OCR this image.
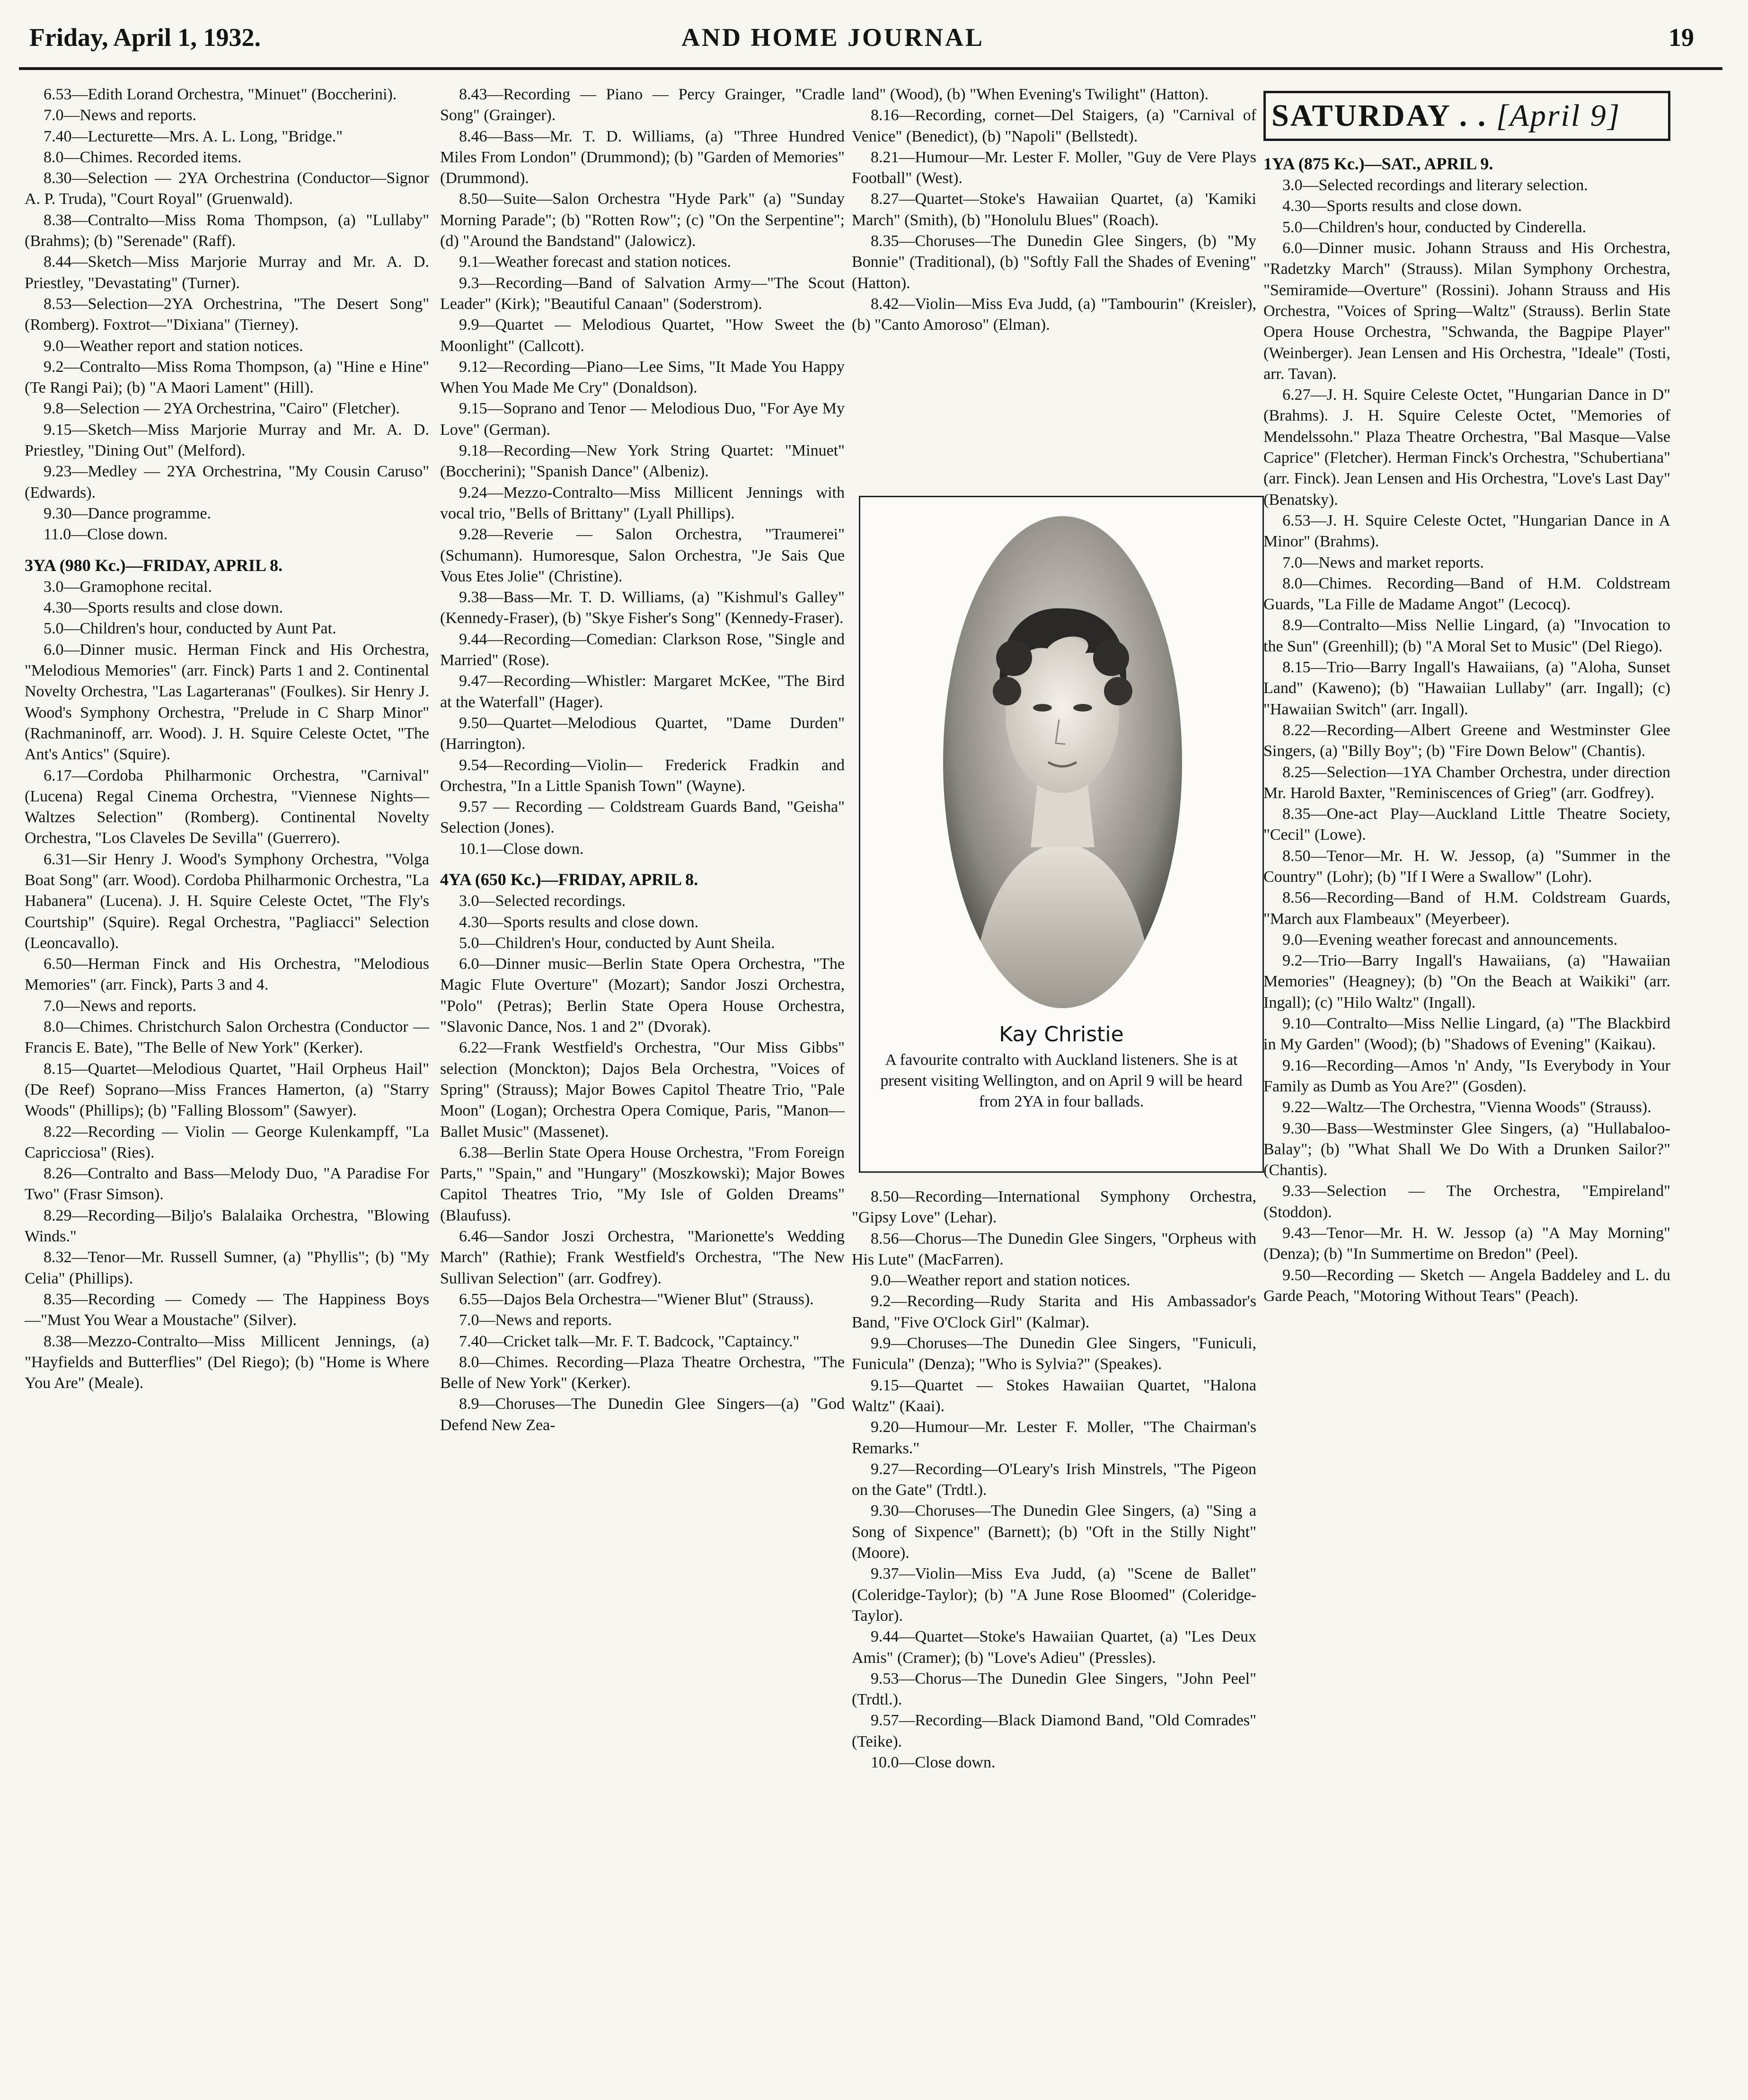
Friday, April 1, 1932.	AND HOME JOURNAL	19

6.53—Edith Lorand Orchestra, "Minuet" (Boccherini).

7.0—News and reports.

7.40—Lecturette—Mrs. A. L. Long, "Bridge."

8.0—Chimes. Recorded items.

8.30—Selection — 2YA Orchestrina (Conductor—Signor A. P. Truda), "Court Royal" (Gruenwald).

8.38—Contralto—Miss Roma Thompson, (a) "Lullaby" (Brahms); (b) "Serenade" (Raff).

8.44—Sketch—Miss Marjorie Murray and Mr. A. D. Priestley, "Devastating" (Turner).

8.53—Selection—2YA Orchestrina, "The Desert Song" (Romberg). Foxtrot—"Dixiana" (Tierney).

9.0—Weather report and station notices.

9.2—Contralto—Miss Roma Thompson, (a) "Hine e Hine" (Te Rangi Pai); (b) "A Maori Lament" (Hill).

9.8—Selection — 2YA Orchestrina, "Cairo" (Fletcher).

9.15—Sketch—Miss Marjorie Murray and Mr. A. D. Priestley, "Dining Out" (Melford).

9.23—Medley — 2YA Orchestrina, "My Cousin Caruso" (Edwards).

9.30—Dance programme.

11.0—Close down.

3YA (980 Kc.)—FRIDAY, APRIL 8.

3.0—Gramophone recital.

4.30—Sports results and close down.

5.0—Children's hour, conducted by Aunt Pat.

6.0—Dinner music. Herman Finck and His Orchestra, "Melodious Memories" (arr. Finck) Parts 1 and 2. Continental Novelty Orchestra, "Las Lagarteranas" (Foulkes). Sir Henry J. Wood's Symphony Orchestra, "Prelude in C Sharp Minor" (Rachmaninoff, arr. Wood). J. H. Squire Celeste Octet, "The Ant's Antics" (Squire).

6.17—Cordoba Philharmonic Orchestra, "Carnival" (Lucena) Regal Cinema Orchestra, "Viennese Nights—Waltzes Selection" (Romberg). Continental Novelty Orchestra, "Los Claveles De Sevilla" (Guerrero).

6.31—Sir Henry J. Wood's Symphony Orchestra, "Volga Boat Song" (arr. Wood). Cordoba Philharmonic Orchestra, "La Habanera" (Lucena). J. H. Squire Celeste Octet, "The Fly's Courtship" (Squire). Regal Orchestra, "Pagliacci" Selection (Leoncavallo).

6.50—Herman Finck and His Orchestra, "Melodious Memories" (arr. Finck), Parts 3 and 4.

7.0—News and reports.

8.0—Chimes. Christchurch Salon Orchestra (Conductor — Francis E. Bate), "The Belle of New York" (Kerker).

8.15—Quartet—Melodious Quartet, "Hail Orpheus Hail" (De Reef) Soprano—Miss Frances Hamerton, (a) "Starry Woods" (Phillips); (b) "Falling Blossom" (Sawyer).

8.22—Recording — Violin — George Kulenkampff, "La Capricciosa" (Ries).

8.26—Contralto and Bass—Melody Duo, "A Paradise For Two" (Frasr Simson).

8.29—Recording—Biljo's Balalaika Orchestra, "Blowing Winds."

8.32—Tenor—Mr. Russell Sumner, (a) "Phyllis"; (b) "My Celia" (Phillips).

8.35—Recording — Comedy — The Happiness Boys—"Must You Wear a Moustache" (Silver).

8.38—Mezzo-Contralto—Miss Millicent Jennings, (a) "Hayfields and Butterflies" (Del Riego); (b) "Home is Where You Are" (Meale).

8.43—Recording — Piano — Percy Grainger, "Cradle Song" (Grainger).

8.46—Bass—Mr. T. D. Williams, (a) "Three Hundred Miles From London" (Drummond); (b) "Garden of Memories" (Drummond).

8.50—Suite—Salon Orchestra "Hyde Park" (a) "Sunday Morning Parade"; (b) "Rotten Row"; (c) "On the Serpentine"; (d) "Around the Bandstand" (Jalowicz).

9.1—Weather forecast and station notices.

9.3—Recording—Band of Salvation Army—"The Scout Leader" (Kirk); "Beautiful Canaan" (Soderstrom).

9.9—Quartet — Melodious Quartet, "How Sweet the Moonlight" (Callcott).

9.12—Recording—Piano—Lee Sims, "It Made You Happy When You Made Me Cry" (Donaldson).

9.15—Soprano and Tenor — Melodious Duo, "For Aye My Love" (German).

9.18—Recording—New York String Quartet: "Minuet" (Boccherini); "Spanish Dance" (Albeniz).

9.24—Mezzo-Contralto—Miss Millicent Jennings with vocal trio, "Bells of Brittany" (Lyall Phillips).

9.28—Reverie — Salon Orchestra, "Traumerei" (Schumann). Humoresque, Salon Orchestra, "Je Sais Que Vous Etes Jolie" (Christine).

9.38—Bass—Mr. T. D. Williams, (a) "Kishmul's Galley" (Kennedy-Fraser), (b) "Skye Fisher's Song" (Kennedy-Fraser).

9.44—Recording—Comedian: Clarkson Rose, "Single and Married" (Rose).

9.47—Recording—Whistler: Margaret McKee, "The Bird at the Waterfall" (Hager).

9.50—Quartet—Melodious Quartet, "Dame Durden" (Harrington).

9.54—Recording—Violin— Frederick Fradkin and Orchestra, "In a Little Spanish Town" (Wayne).

9.57 — Recording — Coldstream Guards Band, "Geisha" Selection (Jones).

10.1—Close down.

4YA (650 Kc.)—FRIDAY, APRIL 8.

3.0—Selected recordings.

4.30—Sports results and close down.

5.0—Children's Hour, conducted by Aunt Sheila.

6.0—Dinner music—Berlin State Opera Orchestra, "The Magic Flute Overture" (Mozart); Sandor Joszi Orchestra, "Polo" (Petras); Berlin State Opera House Orchestra, "Slavonic Dance, Nos. 1 and 2" (Dvorak).

6.22—Frank Westfield's Orchestra, "Our Miss Gibbs" selection (Monckton); Dajos Bela Orchestra, "Voices of Spring" (Strauss); Major Bowes Capitol Theatre Trio, "Pale Moon" (Logan); Orchestra Opera Comique, Paris, "Manon—Ballet Music" (Massenet).

6.38—Berlin State Opera House Orchestra, "From Foreign Parts," "Spain," and "Hungary" (Moszkowski); Major Bowes Capitol Theatres Trio, "My Isle of Golden Dreams" (Blaufuss).

6.46—Sandor Joszi Orchestra, "Marionette's Wedding March" (Rathie); Frank Westfield's Orchestra, "The New Sullivan Selection" (arr. Godfrey).

6.55—Dajos Bela Orchestra—"Wiener Blut" (Strauss).

7.0—News and reports.

7.40—Cricket talk—Mr. F. T. Badcock, "Captaincy."

8.0—Chimes. Recording—Plaza Theatre Orchestra, "The Belle of New York" (Kerker).

8.9—Choruses—The Dunedin Glee Singers—(a) "God Defend New Zea-

land" (Wood), (b) "When Evening's Twilight" (Hatton).

8.16—Recording, cornet—Del Staigers, (a) "Carnival of Venice" (Benedict), (b) "Napoli" (Bellstedt).

8.21—Humour—Mr. Lester F. Moller, "Guy de Vere Plays Football" (West).

8.27—Quartet—Stoke's Hawaiian Quartet, (a) 'Kamiki March" (Smith), (b) "Honolulu Blues" (Roach).

8.35—Choruses—The Dunedin Glee Singers, (b) "My Bonnie" (Traditional), (b) "Softly Fall the Shades of Evening" (Hatton).

8.42—Violin—Miss Eva Judd, (a) "Tambourin" (Kreisler), (b) "Canto Amoroso" (Elman).

Kay Christie
A favourite contralto with Auckland listeners. She is at present visiting Wellington, and on April 9 will be heard from 2YA in four ballads.

8.50—Recording—International Symphony Orchestra, "Gipsy Love" (Lehar).

8.56—Chorus—The Dunedin Glee Singers, "Orpheus with His Lute" (MacFarren).

9.0—Weather report and station notices.

9.2—Recording—Rudy Starita and His Ambassador's Band, "Five O'Clock Girl" (Kalmar).

9.9—Choruses—The Dunedin Glee Singers, "Funiculi, Funicula" (Denza); "Who is Sylvia?" (Speakes).

9.15—Quartet — Stokes Hawaiian Quartet, "Halona Waltz" (Kaai).

9.20—Humour—Mr. Lester F. Moller, "The Chairman's Remarks."

9.27—Recording—O'Leary's Irish Minstrels, "The Pigeon on the Gate" (Trdtl.).

9.30—Choruses—The Dunedin Glee Singers, (a) "Sing a Song of Sixpence" (Barnett); (b) "Oft in the Stilly Night" (Moore).

9.37—Violin—Miss Eva Judd, (a) "Scene de Ballet" (Coleridge-Taylor); (b) "A June Rose Bloomed" (Coleridge-Taylor).

9.44—Quartet—Stoke's Hawaiian Quartet, (a) "Les Deux Amis" (Cramer); (b) "Love's Adieu" (Pressles).

9.53—Chorus—The Dunedin Glee Singers, "John Peel" (Trdtl.).

9.57—Recording—Black Diamond Band, "Old Comrades" (Teike).

10.0—Close down.

SATURDAY . . [April 9]
1YA (875 Kc.)—SAT., APRIL 9.

3.0—Selected recordings and literary selection.

4.30—Sports results and close down.

5.0—Children's hour, conducted by Cinderella.

6.0—Dinner music. Johann Strauss and His Orchestra, "Radetzky March" (Strauss). Milan Symphony Orchestra, "Semiramide—Overture" (Rossini). Johann Strauss and His Orchestra, "Voices of Spring—Waltz" (Strauss). Berlin State Opera House Orchestra, "Schwanda, the Bagpipe Player" (Weinberger). Jean Lensen and His Orchestra, "Ideale" (Tosti, arr. Tavan).

6.27—J. H. Squire Celeste Octet, "Hungarian Dance in D" (Brahms). J. H. Squire Celeste Octet, "Memories of Mendelssohn." Plaza Theatre Orchestra, "Bal Masque—Valse Caprice" (Fletcher). Herman Finck's Orchestra, "Schubertiana" (arr. Finck). Jean Lensen and His Orchestra, "Love's Last Day" (Benatsky).

6.53—J. H. Squire Celeste Octet, "Hungarian Dance in A Minor" (Brahms).

7.0—News and market reports.

8.0—Chimes. Recording—Band of H.M. Coldstream Guards, "La Fille de Madame Angot" (Lecocq).

8.9—Contralto—Miss Nellie Lingard, (a) "Invocation to the Sun" (Greenhill); (b) "A Moral Set to Music" (Del Riego).

8.15—Trio—Barry Ingall's Hawaiians, (a) "Aloha, Sunset Land" (Kaweno); (b) "Hawaiian Lullaby" (arr. Ingall); (c) "Hawaiian Switch" (arr. Ingall).

8.22—Recording—Albert Greene and Westminster Glee Singers, (a) "Billy Boy"; (b) "Fire Down Below" (Chantis).

8.25—Selection—1YA Chamber Orchestra, under direction Mr. Harold Baxter, "Reminiscences of Grieg" (arr. Godfrey).

8.35—One-act Play—Auckland Little Theatre Society, "Cecil" (Lowe).

8.50—Tenor—Mr. H. W. Jessop, (a) "Summer in the Country" (Lohr); (b) "If I Were a Swallow" (Lohr).

8.56—Recording—Band of H.M. Coldstream Guards, "March aux Flambeaux" (Meyerbeer).

9.0—Evening weather forecast and announcements.

9.2—Trio—Barry Ingall's Hawaiians, (a) "Hawaiian Memories" (Heagney); (b) "On the Beach at Waikiki" (arr. Ingall); (c) "Hilo Waltz" (Ingall).

9.10—Contralto—Miss Nellie Lingard, (a) "The Blackbird in My Garden" (Wood); (b) "Shadows of Evening" (Kaikau).

9.16—Recording—Amos 'n' Andy, "Is Everybody in Your Family as Dumb as You Are?" (Gosden).

9.22—Waltz—The Orchestra, "Vienna Woods" (Strauss).

9.30—Bass—Westminster Glee Singers, (a) "Hullabaloo-Balay"; (b) "What Shall We Do With a Drunken Sailor?" (Chantis).

9.33—Selection — The Orchestra, "Empireland" (Stoddon).

9.43—Tenor—Mr. H. W. Jessop (a) "A May Morning" (Denza); (b) "In Summertime on Bredon" (Peel).

9.50—Recording — Sketch — Angela Baddeley and L. du Garde Peach, "Motoring Without Tears" (Peach).
